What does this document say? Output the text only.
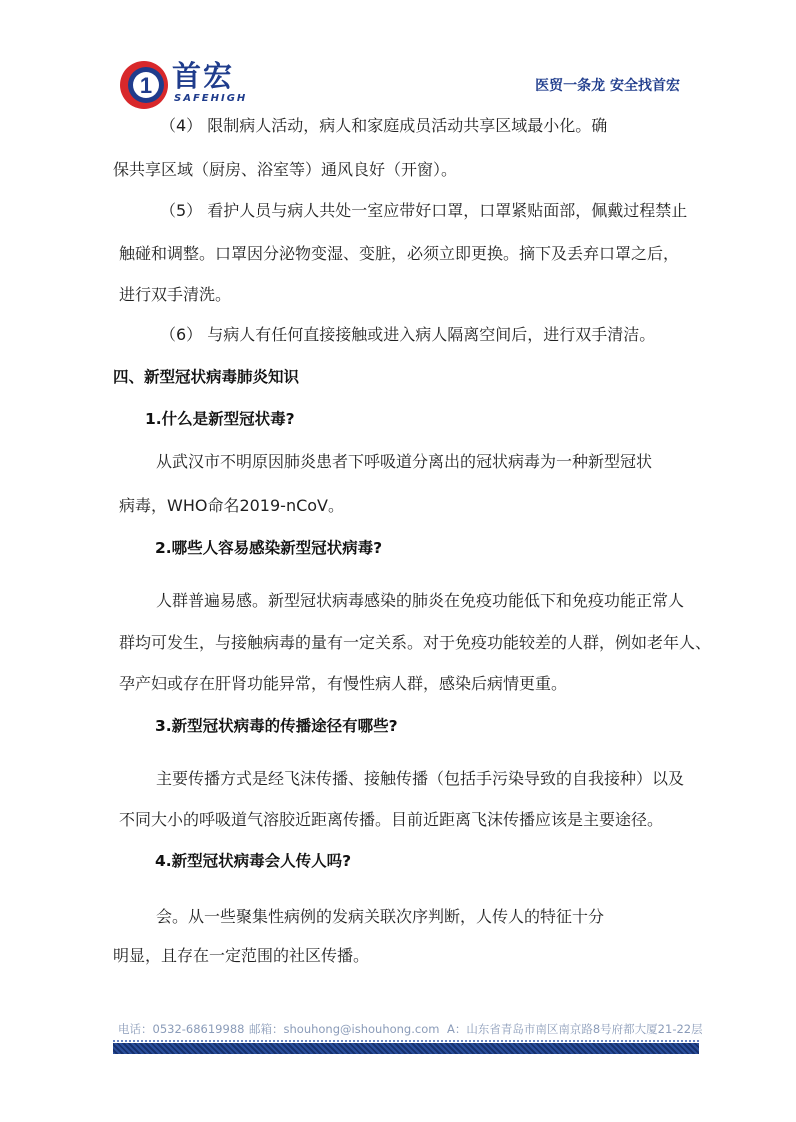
1 首宏
SAFEHIGH
医贸一条龙 安全找首宏
（4） 限制病人活动，病人和家庭成员活动共享区域最小化。确
保共享区域（厨房、浴室等）通风良好（开窗）。
（5） 看护人员与病人共处一室应带好口罩，口罩紧贴面部，佩戴过程禁止
触碰和调整。口罩因分泌物变湿、变脏，必须立即更换。摘下及丢弃口罩之后，
进行双手清洗。
（6） 与病人有任何直接接触或进入病人隔离空间后，进行双手清洁。
四、新型冠状病毒肺炎知识
1.什么是新型冠状毒?
从武汉市不明原因肺炎患者下呼吸道分离出的冠状病毒为一种新型冠状
病毒，WHO命名2019-nCoV。
2.哪些人容易感染新型冠状病毒?
人群普遍易感。新型冠状病毒感染的肺炎在免疫功能低下和免疫功能正常人
群均可发生，与接触病毒的量有一定关系。对于免疫功能较差的人群，例如老年人、
孕产妇或存在肝肾功能异常，有慢性病人群，感染后病情更重。
3.新型冠状病毒的传播途径有哪些?
主要传播方式是经飞沫传播、接触传播（包括手污染导致的自我接种）以及
不同大小的呼吸道气溶胶近距离传播。目前近距离飞沫传播应该是主要途径。
4.新型冠状病毒会人传人吗?
会。从一些聚集性病例的发病关联次序判断，人传人的特征十分
明显，且存在一定范围的社区传播。
电话：0532-68619988 邮箱：shouhong@ishouhong.com A：山东省青岛市南区南京路8号府都大厦21-22层
